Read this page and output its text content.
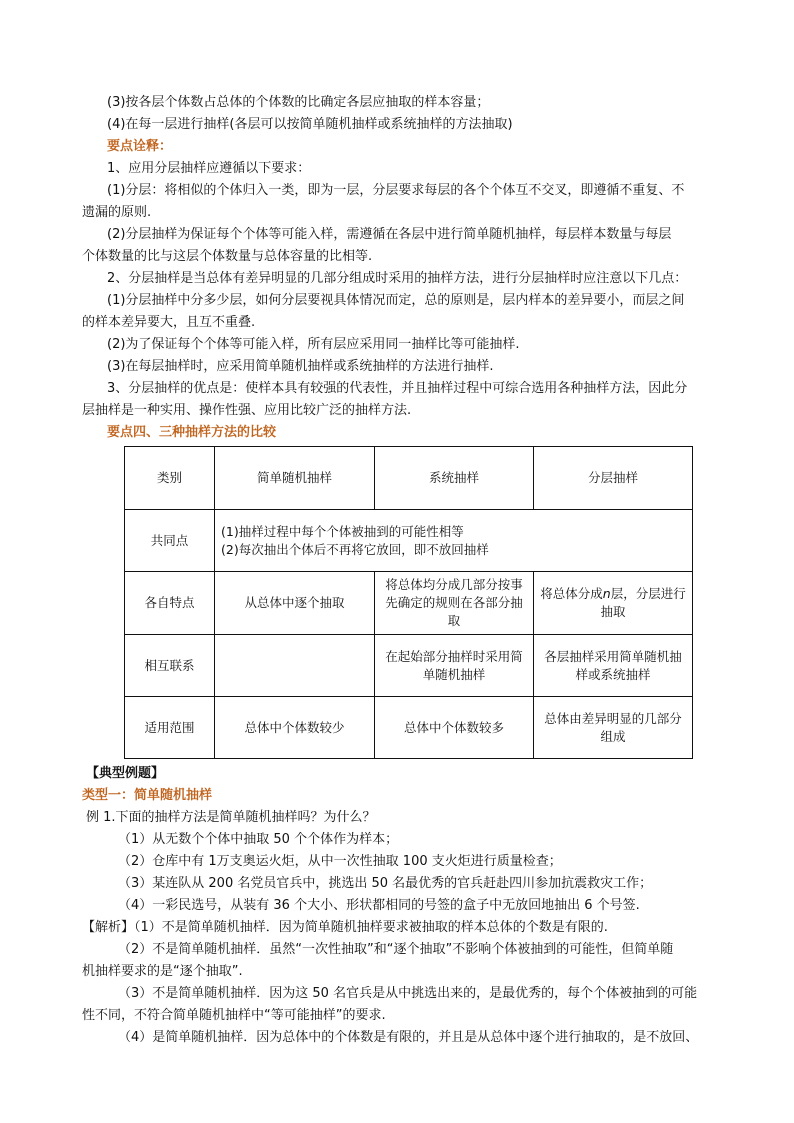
(3)按各层个体数占总体的个体数的比确定各层应抽取的样本容量；

(4)在每一层进行抽样(各层可以按简单随机抽样或系统抽样的方法抽取)

要点诠释：

1、应用分层抽样应遵循以下要求：

(1)分层：将相似的个体归入一类，即为一层，分层要求每层的各个个体互不交叉，即遵循不重复、不

遗漏的原则.

(2)分层抽样为保证每个个体等可能入样，需遵循在各层中进行简单随机抽样，每层样本数量与每层

个体数量的比与这层个体数量与总体容量的比相等.

2、分层抽样是当总体有差异明显的几部分组成时采用的抽样方法，进行分层抽样时应注意以下几点：

(1)分层抽样中分多少层，如何分层要视具体情况而定，总的原则是，层内样本的差异要小，而层之间

的样本差异要大，且互不重叠.

(2)为了保证每个个体等可能入样，所有层应采用同一抽样比等可能抽样.

(3)在每层抽样时，应采用简单随机抽样或系统抽样的方法进行抽样.

3、分层抽样的优点是：使样本具有较强的代表性，并且抽样过程中可综合选用各种抽样方法，因此分

层抽样是一种实用、操作性强、应用比较广泛的抽样方法.

要点四、三种抽样方法的比较

类别	简单随机抽样	系统抽样	分层抽样
共同点	(1)抽样过程中每个个体被抽到的可能性相等
(2)每次抽出个体后不再将它放回，即不放回抽样		

各自特点	从总体中逐个抽取	将总体均分成几部分按事先确定的规则在各部分抽取	将总体分成n层，分层进行抽取
相互联系		在起始部分抽样时采用简单随机抽样	各层抽样采用简单随机抽样或系统抽样
适用范围	总体中个体数较少	总体中个体数较多	总体由差异明显的几部分组成

【典型例题】

类型一：简单随机抽样

例 1.下面的抽样方法是简单随机抽样吗？为什么？

（1）从无数个个体中抽取 50 个个体作为样本；

（2）仓库中有 1万支奥运火炬，从中一次性抽取 100 支火炬进行质量检查；

（3）某连队从 200 名党员官兵中，挑选出 50 名最优秀的官兵赶赴四川参加抗震救灾工作；

（4）一彩民选号，从装有 36 个大小、形状都相同的号签的盒子中无放回地抽出 6 个号签.

【解析】（1）不是简单随机抽样．因为简单随机抽样要求被抽取的样本总体的个数是有限的.

（2）不是简单随机抽样．虽然“一次性抽取”和“逐个抽取”不影响个体被抽到的可能性，但简单随

机抽样要求的是“逐个抽取”.

（3）不是简单随机抽样．因为这 50 名官兵是从中挑选出来的，是最优秀的，每个个体被抽到的可能

性不同，不符合简单随机抽样中“等可能抽样”的要求.

（4）是简单随机抽样．因为总体中的个体数是有限的，并且是从总体中逐个进行抽取的，是不放回、
